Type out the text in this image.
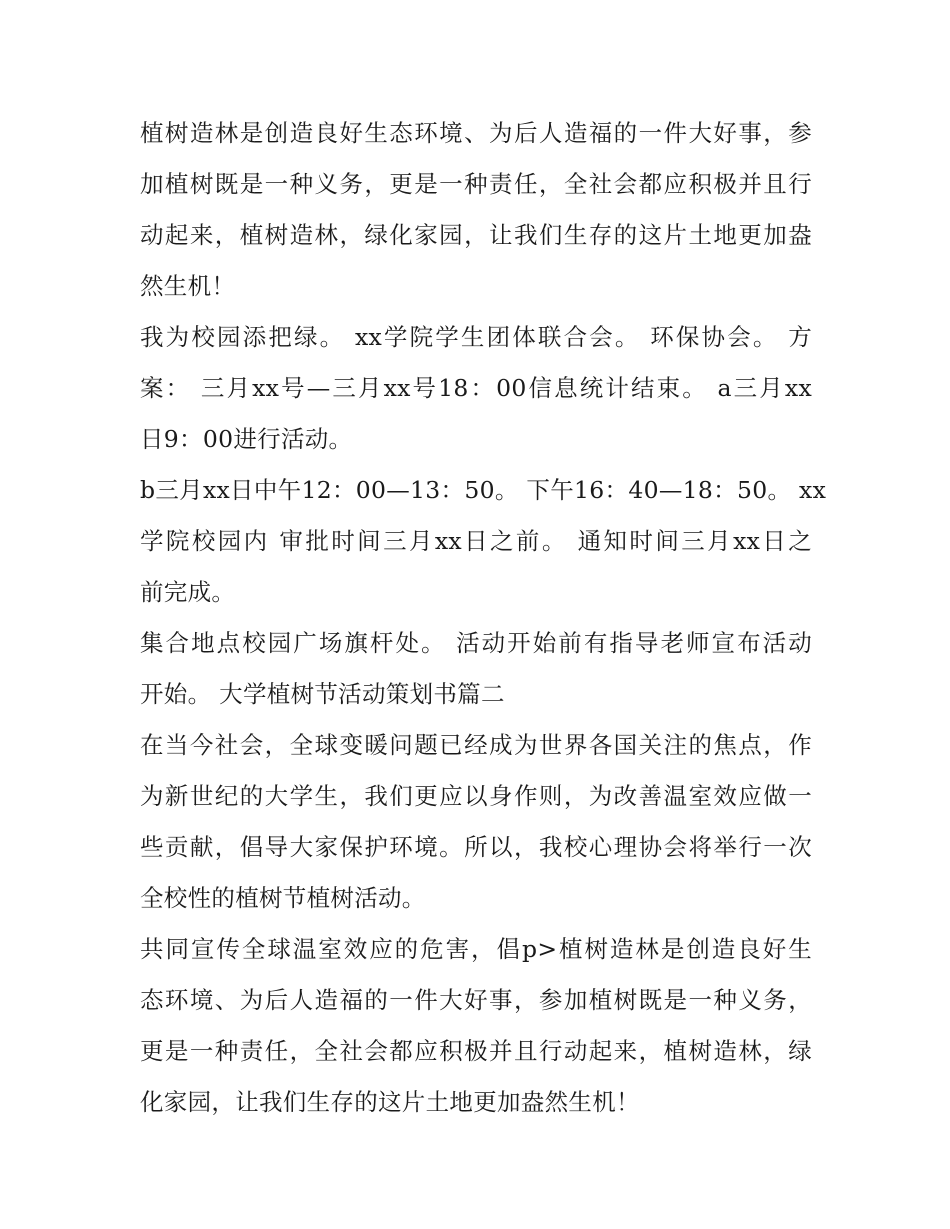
植树造林是创造良好生态环境、为后人造福的一件大好事，参
加植树既是一种义务，更是一种责任，全社会都应积极并且行
动起来，植树造林，绿化家园，让我们生存的这片土地更加盎
然生机！
我为校园添把绿。 xx学院学生团体联合会。 环保协会。 方
案： 三月xx号—三月xx号18：00信息统计结束。 a三月xx
日9：00进行活动。
b三月xx日中午12：00—13：50。 下午16：40—18：50。 xx
学院校园内 审批时间三月xx日之前。 通知时间三月xx日之
前完成。
集合地点校园广场旗杆处。 活动开始前有指导老师宣布活动
开始。 大学植树节活动策划书篇二
在当今社会，全球变暖问题已经成为世界各国关注的焦点，作
为新世纪的大学生，我们更应以身作则，为改善温室效应做一
些贡献，倡导大家保护环境。所以，我校心理协会将举行一次
全校性的植树节植树活动。
共同宣传全球温室效应的危害，倡p>植树造林是创造良好生
态环境、为后人造福的一件大好事，参加植树既是一种义务，
更是一种责任，全社会都应积极并且行动起来，植树造林，绿
化家园，让我们生存的这片土地更加盎然生机！
